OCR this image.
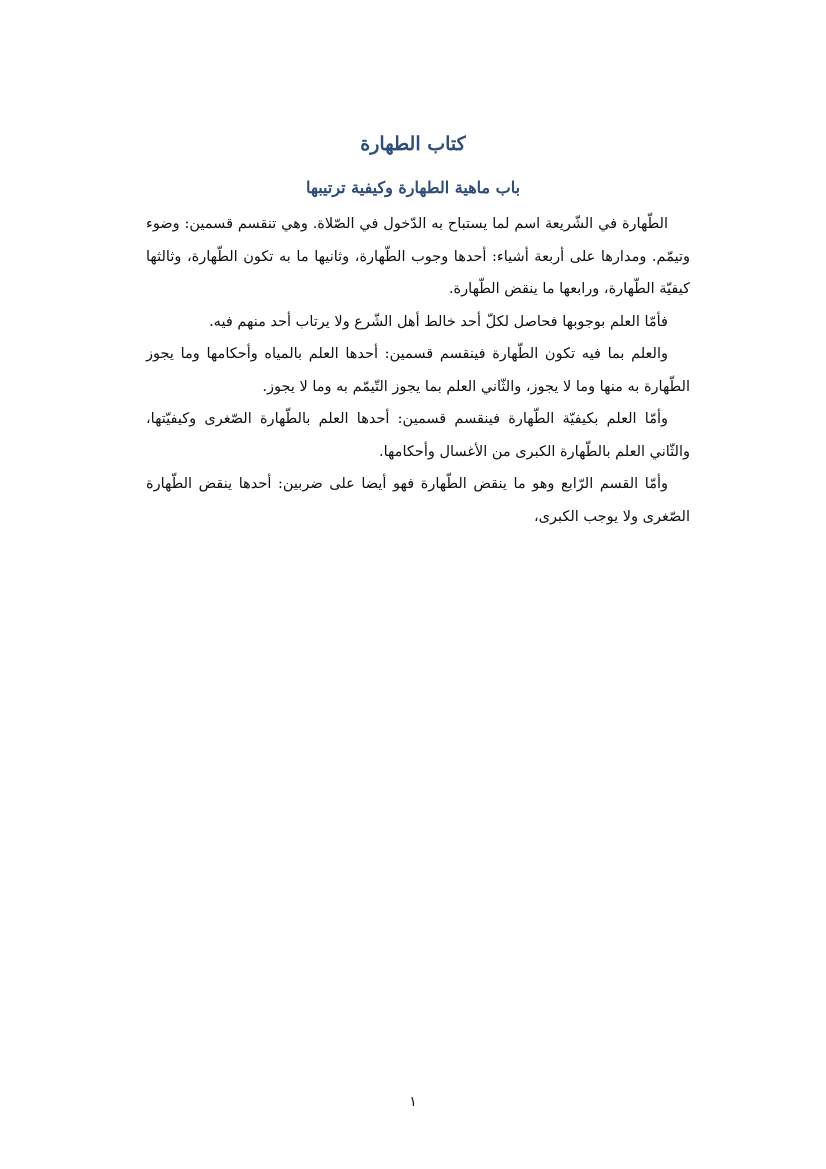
كتاب الطهارة
باب ماهية الطهارة وكيفية ترتيبها

الطّهارة في الشّريعة اسم لما يستباح به الدّخول في الصّلاة. وهي تنقسم قسمين: وضوء وتيمّم. ومدارها على أربعة أشياء: أحدها وجوب الطّهارة، وثانيها ما به تكون الطّهارة، وثالثها كيفيّة الطّهارة، ورابعها ما ينقض الطّهارة.

فأمّا العلم بوجوبها فحاصل لكلّ أحد خالط أهل الشّرع ولا يرتاب أحد منهم فيه.

والعلم بما فيه تكون الطّهارة فينقسم قسمين: أحدها العلم بالمياه وأحكامها وما يجوز الطّهارة به منها وما لا يجوز، والثّاني العلم بما يجوز التّيمّم به وما لا يجوز.

وأمّا العلم بكيفيّة الطّهارة فينقسم قسمين: أحدها العلم بالطّهارة الصّغرى وكيفيّتها، والثّاني العلم بالطّهارة الكبرى من الأغسال وأحكامها.

وأمّا القسم الرّابع وهو ما ينقض الطّهارة فهو أيضا على ضربين: أحدها ينقض الطّهارة الصّغرى ولا يوجب الكبرى،

١
